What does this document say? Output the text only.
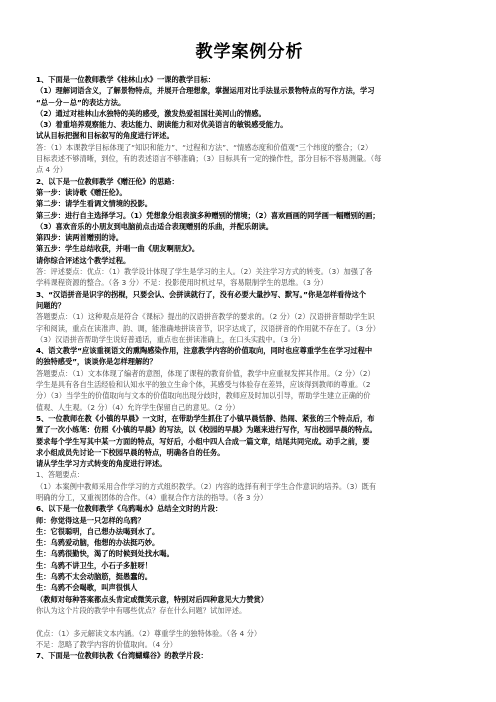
教学案例分析
1、下面是一位教师教学《桂林山水》一课的教学目标：
（1）理解词语含义，了解景物特点，并展开合理想象，掌握运用对比手法显示景物特点的写作方法，学习
“总－分－总”的表达方法。
（2）通过对桂林山水独特的美的感受，激发热爱祖国壮美河山的情感。
（3）着重培养观察能力、表达能力、朗读能力和对优美语言的敏锐感受能力。
试从目标把握和目标叙写的角度进行评述。
答：（1）本课教学目标体现了“知识和能力”、“过程和方法”、“情感态度和价值观”三个纬度的整合；（2）
目标表述不够清晰，到位，有的表述语言不够准确；（3）目标具有一定的操作性，部分目标不容易测量。（每
点 4 分）
2、以下是一位教师教学《赠汪伦》的思路：
第一步：读诗歌《赠汪伦》。
第二步：请学生看调文情境的投影。
第三步：进行自主选择学习。（1）凭想象分组表演多种赠别的情境；（2）喜欢画画的同学画一幅赠别的画；
（3）喜欢音乐的小朋友到电脑前点击适合表现赠别的乐曲，并配乐朗读。
第四步：读两首赠别的诗。
第五步：学生总结收获，并唱一曲《朋友啊朋友》。
请你综合评述这个教学过程。
答：评述要点：优点：（1）教学设计体现了学生是学习的主人。（2）关注学习方式的转变。（3）加强了各
学科课程资源的整合。（各 3 分）不足：投影使用时机过早，容易限制学生的思维。（3 分）
3、“汉语拼音是识字的拐棍，只要会认、会拼读就行了，没有必要大量抄写、默写。”你是怎样看待这个
问题的？
答题要点：（1）这种观点是符合《课标》提出的汉语拼音教学的要求的。（2 分）（2）汉语拼音帮助学生识
字和阅读，重点在读准声、韵、调，能准确地拼读音节，识字达成了，汉语拼音的作用就不存在了。（3 分）
（3）汉语拼音帮助学生说好普通话，重点也在拼读准确上，在口头实践中。（3 分）
4、语文教学“应该重视语文的熏陶感染作用，注意教学内容的价值取向，同时也应尊重学生在学习过程中
的独特感受”，谈谈你是怎样理解的？
答题要点：（1）文本体现了编者的意图，体现了课程的教育价值，教学中应重视发挥其作用。（2 分）（2）
学生是具有各自生活经验和认知水平的独立生命个体，其感受与体验存在差异，应该得到教师的尊重。（2
分）（3）当学生的价值取向与文本的价值取向出现分歧时，教师应及时加以引导，帮助学生建立正确的价
值观、人生观。（2 分）（4）允许学生保留自己的意见。（2 分）
5、一位教师在教《小镇的早晨》一文时，在带助学生抓住了小镇早晨恬静、热闹、紧张的三个特点后，布
置了一次小练笔：仿照《小镇的早晨》的写法，以《校园的早晨》为题来进行写作，写出校园早晨的特点。
要求每个学生写其中某一方面的特点，写好后，小组中四人合成一篇文章，结尾共同完成。动手之前，要
求小组成员先讨论一下校园早晨的特点，明确各自的任务。
请从学生学习方式转变的角度进行评述。
1、答题要点：
（1）本案例中教师采用合作学习的方式组织教学。（2）内容的选择有利于学生合作意识的培养。（3）既有
明确的分工，又重视团体的合作。（4）重视合作方法的指导。（各 3 分）
6、以下是一位教师教学《乌鸦喝水》总结全文时的片段：
师：你觉得这是一只怎样的乌鸦？
生：它很聪明，自己想办法喝到水了。
生：乌鸦爱动脑，他想的办法挺巧妙。
生：乌鸦很勤快，渴了的时候到处找水喝。
生：乌鸦不讲卫生，小石子多脏呀！
生：乌鸦不太会动脑筋，挺愚蠢的。
生：乌鸦不会喝歌，叫声很惧人
（教师对每种答案都点头肯定或微笑示意，特别对后四种意见大力赞赏）
你认为这个片段的教学中有哪些优点？存在什么问题？试加评述。

优点：（1）多元解读文本内涵。（2）尊重学生的独特体验。（各 4 分）
不足：忽略了教学内容的价值取向。（4 分）
7、下面是一位教师执教《台湾蝴蝶谷》的教学片段：
